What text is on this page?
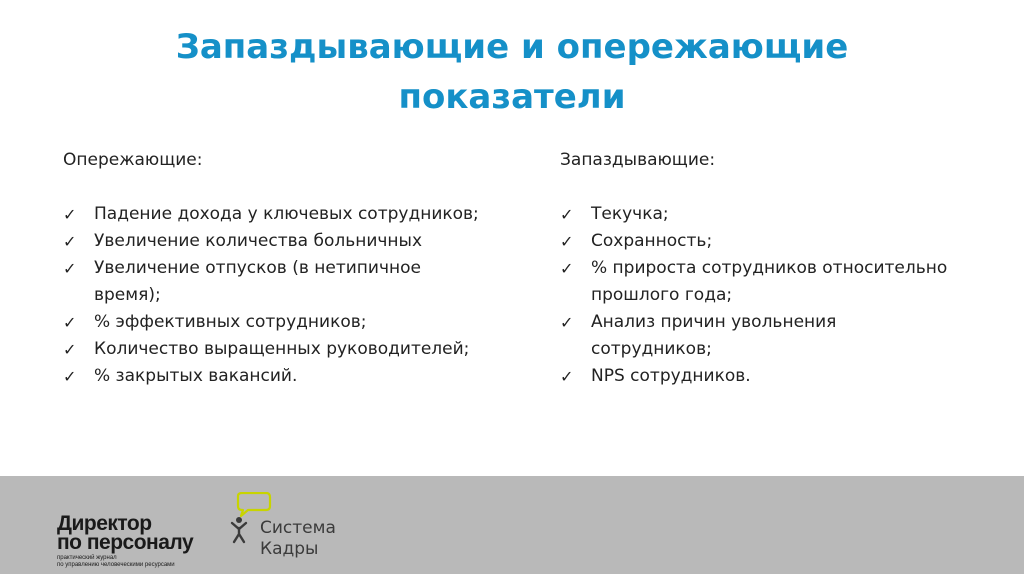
Запаздывающие и опережающие
показатели
Опережающие:
✓ Падение дохода у ключевых сотрудников;
✓ Увеличение количества больничных
✓ Увеличение отпусков (в нетипичное время);
✓ % эффективных сотрудников;
✓ Количество выращенных руководителей;
✓ % закрытых вакансий.
Запаздывающие:
✓ Текучка;
✓ Сохранность;
✓ % прироста сотрудников относительно прошлого года;
✓ Анализ причин увольнения сотрудников;
✓ NPS сотрудников.
Директор
по персоналу
практический журнал
по управлению человеческими ресурсами
Система
Кадры
